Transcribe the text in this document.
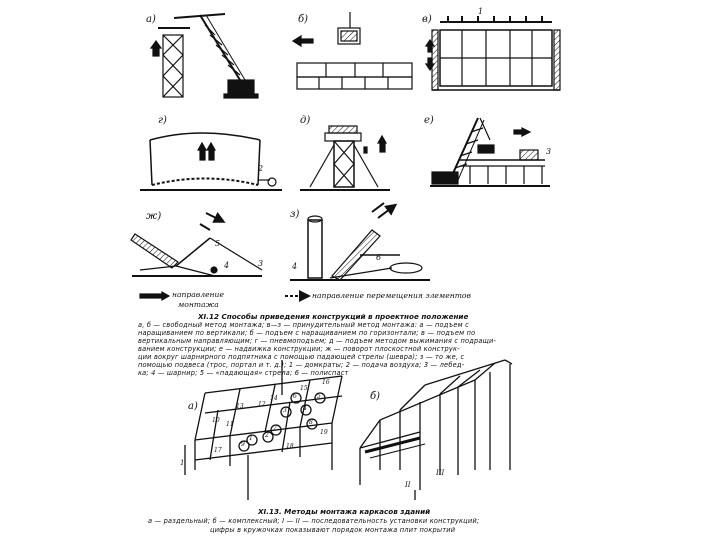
а)	б)	в)
г)	д)	е)
ж)	з)
1
2
3
4
5
6
3	4
направление
монтажа
направление перемещения элементов
XI.12 Способы приведения конструкций в проектное положение
а, б — свободный метод монтажа; в—з — принудительный метод монтажа: а — подъем с
наращиванием по вертикали; б — подъем с наращиванием по горизонтали; в — подъем по
вертикальным направляющим; г — пневмоподъем; д — подъем методом выжимания с подращи-
ванием конструкции; е — надвижка конструкции; ж — поворот плоскостной конструк-
ции вокруг шарнирного подпятника с помощью падающей стрелы (шевра); з — то же, с
помощью подвеса (трос, портал и т. д.); 1 — домкраты; 2 — подача воздуха; 3 — лебед-
ка; 4 — шарнир; 5 — «падающая» стрела; 6 — полиспаст
а)
б)
1 2
3	4
5
6
7
8
9
10
11
12
13
14
15
16
17
18
19
1
II
III
XI.13. Методы монтажа каркасов зданий
а — раздельный; б — комплексный; I — II — последовательность установки конструкций;
цифры в кружочках показывают порядок монтажа плит покрытий
